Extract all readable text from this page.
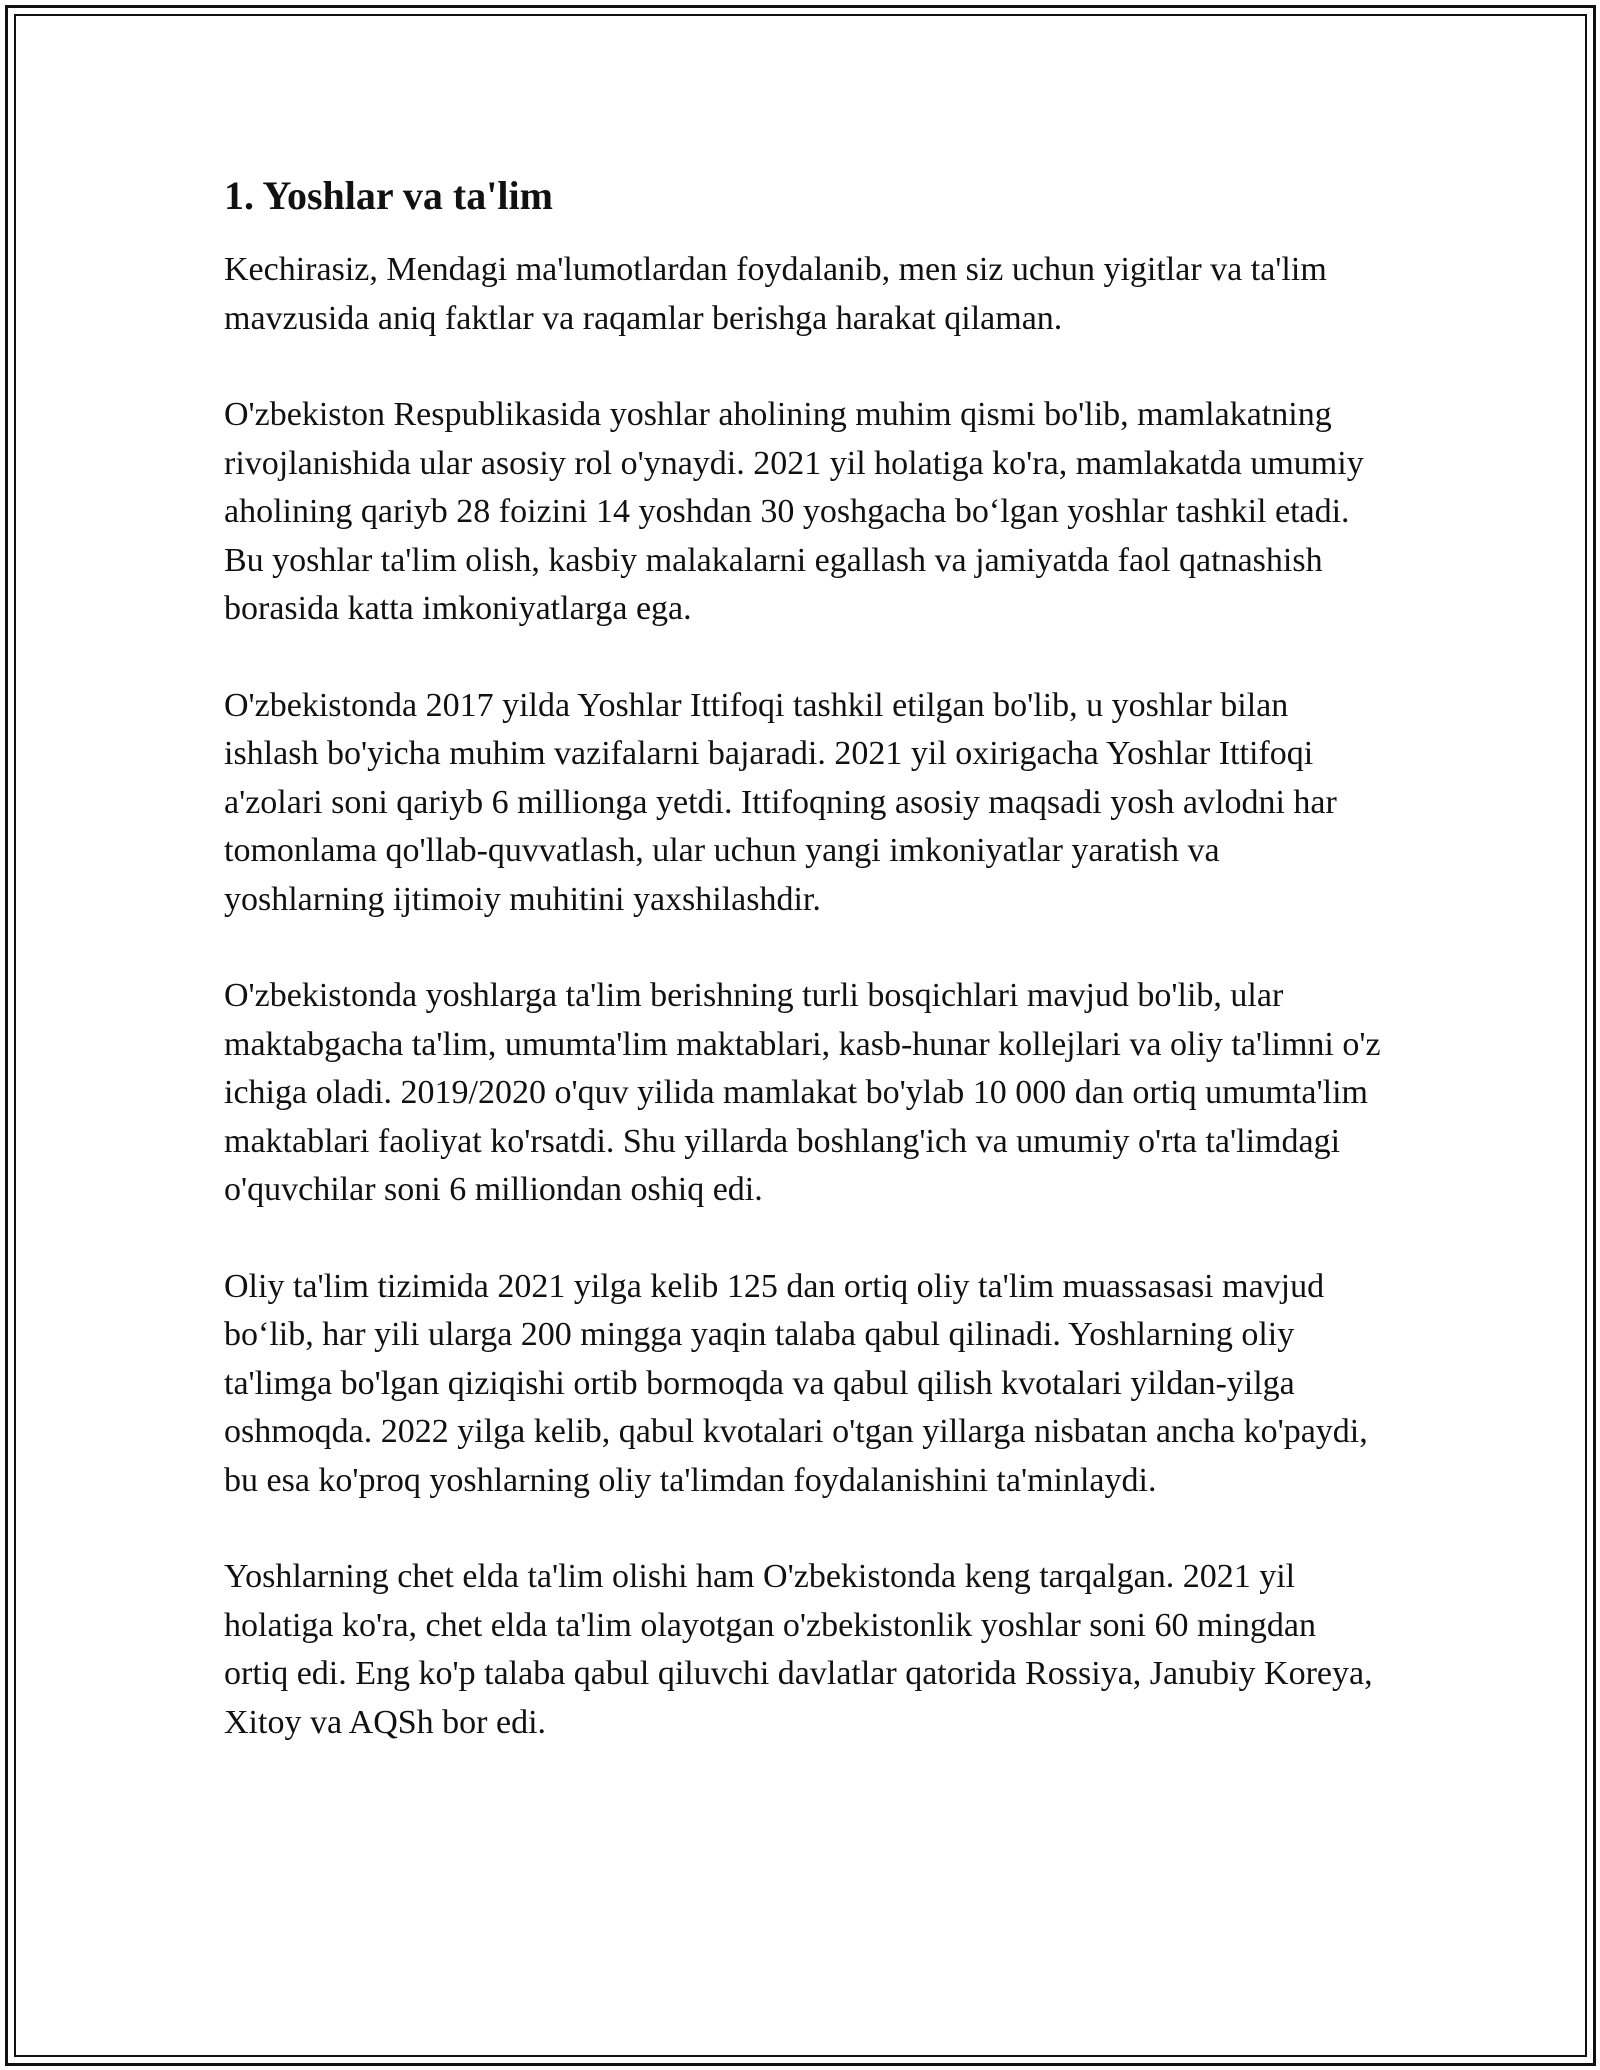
1. Yoshlar va ta'lim

Kechirasiz, Mendagi ma'lumotlardan foydalanib, men siz uchun yigitlar va ta'lim mavzusida aniq faktlar va raqamlar berishga harakat qilaman.

O'zbekiston Respublikasida yoshlar aholining muhim qismi bo'lib, mamlakatning rivojlanishida ular asosiy rol o'ynaydi. 2021 yil holatiga ko'ra, mamlakatda umumiy aholining qariyb 28 foizini 14 yoshdan 30 yoshgacha bo‘lgan yoshlar tashkil etadi. Bu yoshlar ta'lim olish, kasbiy malakalarni egallash va jamiyatda faol qatnashish borasida katta imkoniyatlarga ega.

O'zbekistonda 2017 yilda Yoshlar Ittifoqi tashkil etilgan bo'lib, u yoshlar bilan ishlash bo'yicha muhim vazifalarni bajaradi. 2021 yil oxirigacha Yoshlar Ittifoqi a'zolari soni qariyb 6 millionga yetdi. Ittifoqning asosiy maqsadi yosh avlodni har tomonlama qo'llab-quvvatlash, ular uchun yangi imkoniyatlar yaratish va yoshlarning ijtimoiy muhitini yaxshilashdir.

O'zbekistonda yoshlarga ta'lim berishning turli bosqichlari mavjud bo'lib, ular maktabgacha ta'lim, umumta'lim maktablari, kasb-hunar kollejlari va oliy ta'limni o'z ichiga oladi. 2019/2020 o'quv yilida mamlakat bo'ylab 10 000 dan ortiq umumta'lim maktablari faoliyat ko'rsatdi. Shu yillarda boshlang'ich va umumiy o'rta ta'limdagi o'quvchilar soni 6 milliondan oshiq edi.

Oliy ta'lim tizimida 2021 yilga kelib 125 dan ortiq oliy ta'lim muassasasi mavjud bo‘lib, har yili ularga 200 mingga yaqin talaba qabul qilinadi. Yoshlarning oliy ta'limga bo'lgan qiziqishi ortib bormoqda va qabul qilish kvotalari yildan-yilga oshmoqda. 2022 yilga kelib, qabul kvotalari o'tgan yillarga nisbatan ancha ko'paydi, bu esa ko'proq yoshlarning oliy ta'limdan foydalanishini ta'minlaydi.

Yoshlarning chet elda ta'lim olishi ham O'zbekistonda keng tarqalgan. 2021 yil holatiga ko'ra, chet elda ta'lim olayotgan o'zbekistonlik yoshlar soni 60 mingdan ortiq edi. Eng ko'p talaba qabul qiluvchi davlatlar qatorida Rossiya, Janubiy Koreya, Xitoy va AQSh bor edi.
